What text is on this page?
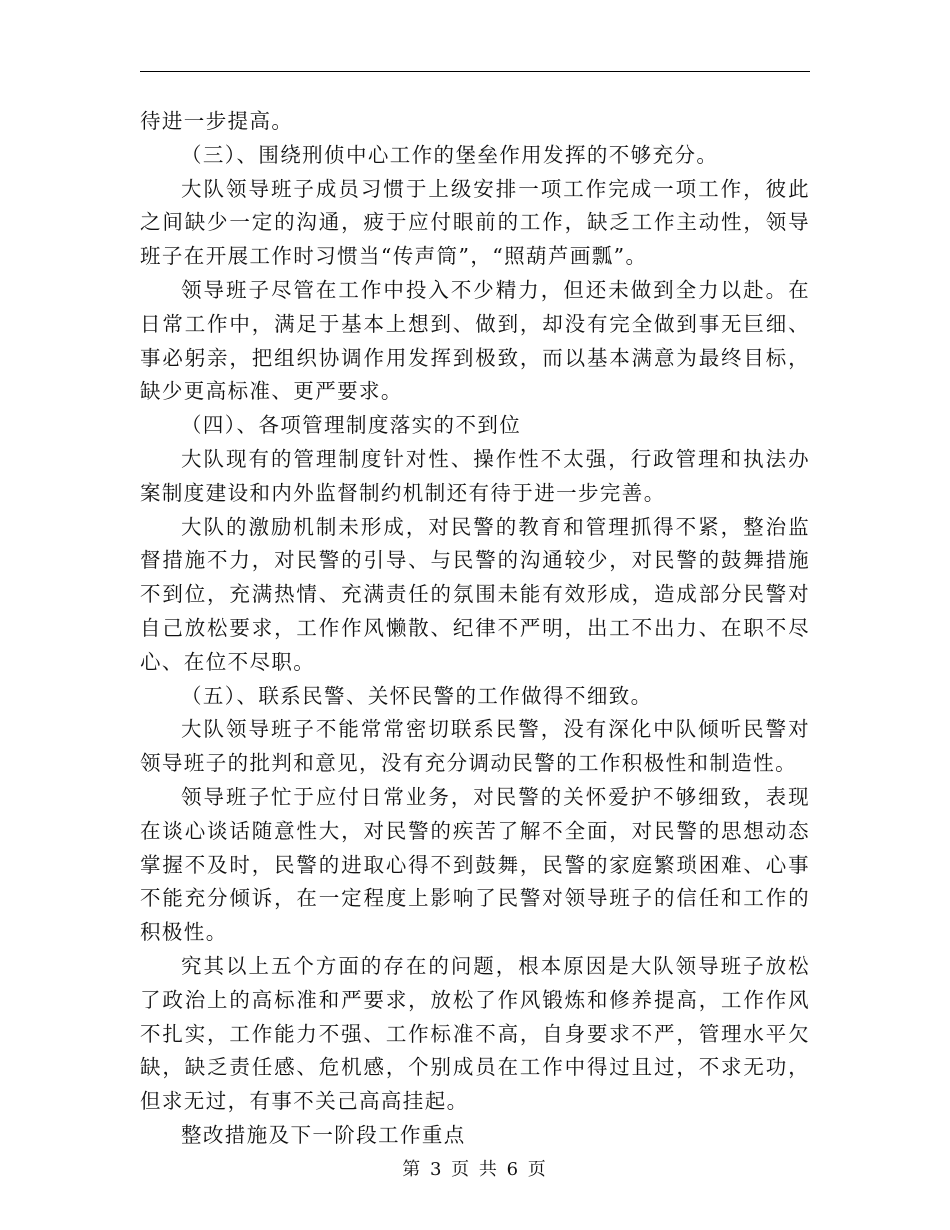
待进一步提高。

（三）、围绕刑侦中心工作的堡垒作用发挥的不够充分。

大队领导班子成员习惯于上级安排一项工作完成一项工作，彼此之间缺少一定的沟通，疲于应付眼前的工作，缺乏工作主动性，领导班子在开展工作时习惯当“传声筒”，“照葫芦画瓢”。

领导班子尽管在工作中投入不少精力，但还未做到全力以赴。在日常工作中，满足于基本上想到、做到，却没有完全做到事无巨细、事必躬亲，把组织协调作用发挥到极致，而以基本满意为最终目标，缺少更高标准、更严要求。

（四）、各项管理制度落实的不到位

大队现有的管理制度针对性、操作性不太强，行政管理和执法办案制度建设和内外监督制约机制还有待于进一步完善。

大队的激励机制未形成，对民警的教育和管理抓得不紧，整治监督措施不力，对民警的引导、与民警的沟通较少，对民警的鼓舞措施不到位，充满热情、充满责任的氛围未能有效形成，造成部分民警对自己放松要求，工作作风懒散、纪律不严明，出工不出力、在职不尽心、在位不尽职。

（五）、联系民警、关怀民警的工作做得不细致。

大队领导班子不能常常密切联系民警，没有深化中队倾听民警对领导班子的批判和意见，没有充分调动民警的工作积极性和制造性。

领导班子忙于应付日常业务，对民警的关怀爱护不够细致，表现在谈心谈话随意性大，对民警的疾苦了解不全面，对民警的思想动态掌握不及时，民警的进取心得不到鼓舞，民警的家庭繁琐困难、心事不能充分倾诉，在一定程度上影响了民警对领导班子的信任和工作的积极性。

究其以上五个方面的存在的问题，根本原因是大队领导班子放松了政治上的高标准和严要求，放松了作风锻炼和修养提高，工作作风不扎实，工作能力不强、工作标准不高，自身要求不严，管理水平欠缺，缺乏责任感、危机感，个别成员在工作中得过且过，不求无功，但求无过，有事不关己高高挂起。

整改措施及下一阶段工作重点

第 3 页 共 6 页
